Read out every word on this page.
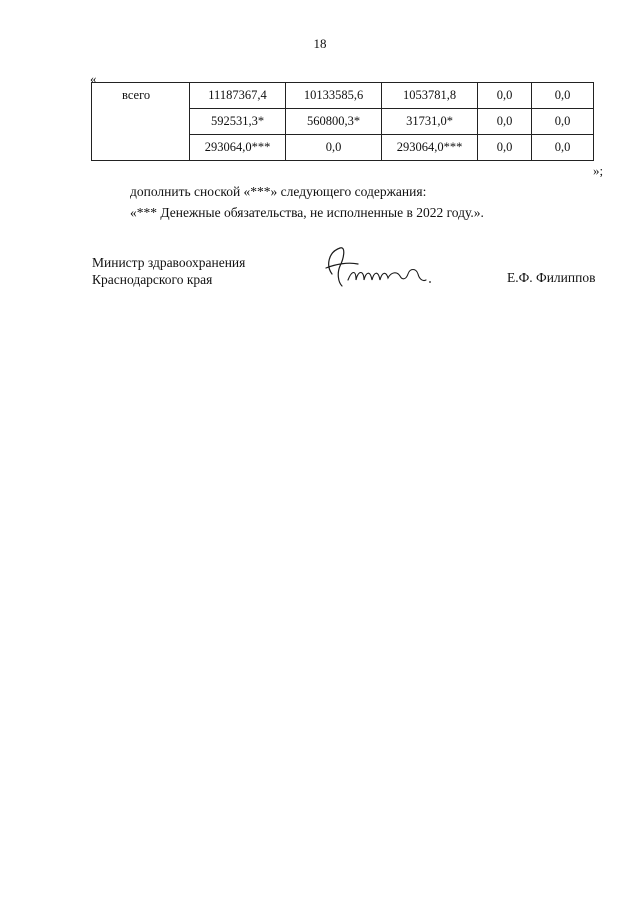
18
«
всего	11187367,4	10133585,6	1053781,8	0,0	0,0
	592531,3*	560800,3*	31731,0*	0,0	0,0
	293064,0***	0,0	293064,0***	0,0	0,0
»;
дополнить сноской «***» следующего содержания:
«*** Денежные обязательства, не исполненные в 2022 году.».
Министр здравоохранения
Краснодарского края	Е.Ф. Филиппов
